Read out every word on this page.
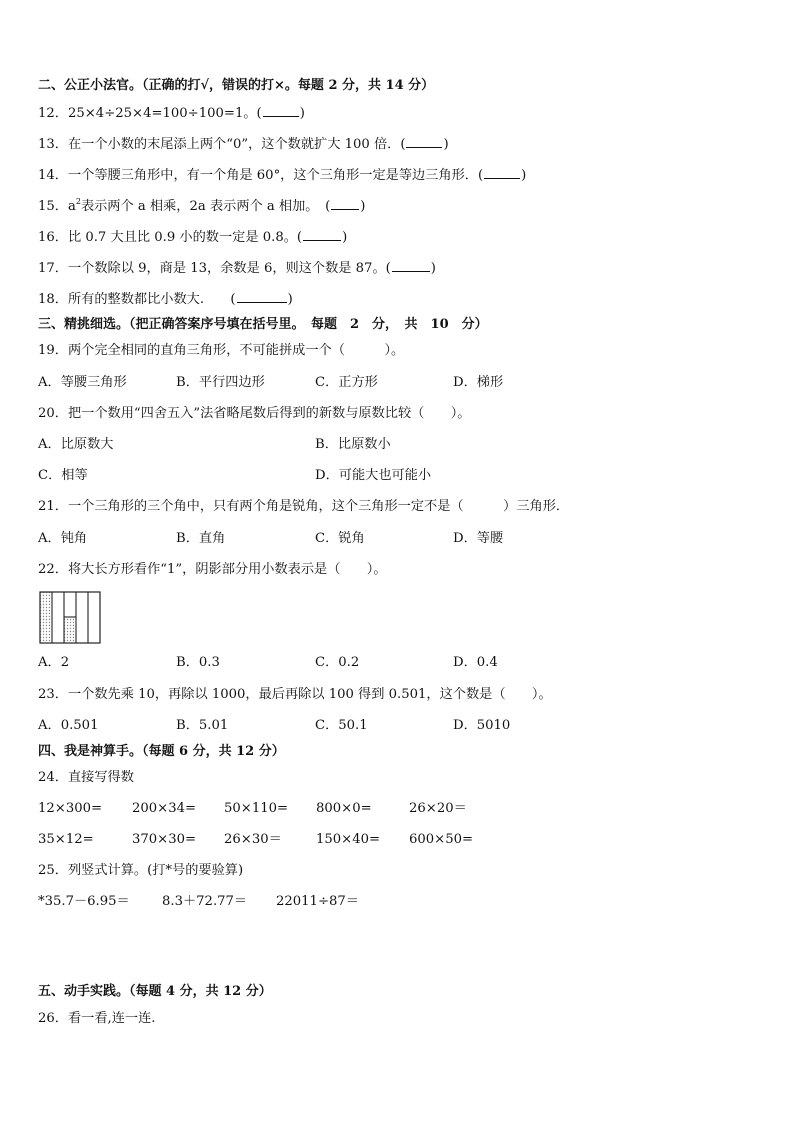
二、公正小法官。（正确的打√，错误的打×。每题 2 分，共 14 分）
12．25×4÷25×4=100÷100=1。(	)
13．在一个小数的末尾添上两个“0”，这个数就扩大 100 倍．(	)
14．一个等腰三角形中，有一个角是 60°，这个三角形一定是等边三角形．(	)
15．$a^2$表示两个 a 相乘，2a 表示两个 a 相加。　( )
16．比 0.7 大且比 0.9 小的数一定是 0.8。(	)
17．一个数除以 9，商是 13，余数是 6，则这个数是 87。(	)
18．所有的整数都比小数大.　　(	)
三、精挑细选。（把正确答案序号填在括号里。　每题　2　分，　共　10　分）
19．两个完全相同的直角三角形，不可能拼成一个（　　　）。
A．等腰三角形	B．平行四边形	C．正方形	D．梯形
20．把一个数用“四舍五入”法省略尾数后得到的新数与原数比较（　　）。
A．比原数大	B．比原数小
C．相等	D．可能大也可能小
21．一个三角形的三个角中，只有两个角是锐角，这个三角形一定不是（　　　）三角形．
A．钝角	B．直角	C．锐角	D．等腰
22．将大长方形看作“1”，阴影部分用小数表示是（　　）。
A．2	B．0.3	C．0.2	D．0.4
23．一个数先乘 10，再除以 1000，最后再除以 100 得到 0.501，这个数是（　　）。
A．0.501	B．5.01	C．50.1	D．5010
四、我是神算手。（每题 6 分，共 12 分）
24．直接写得数
12×300= 200×34= 50×110= 800×0=	26×20＝
35×12=	370×30= 26×30＝	150×40= 600×50=
25．列竖式计算。(打*号的要验算)
*35.7－6.95＝ 8.3＋72.77＝ 22011÷87＝
五、动手实践。（每题 4 分，共 12 分）
26．看一看,连一连.
